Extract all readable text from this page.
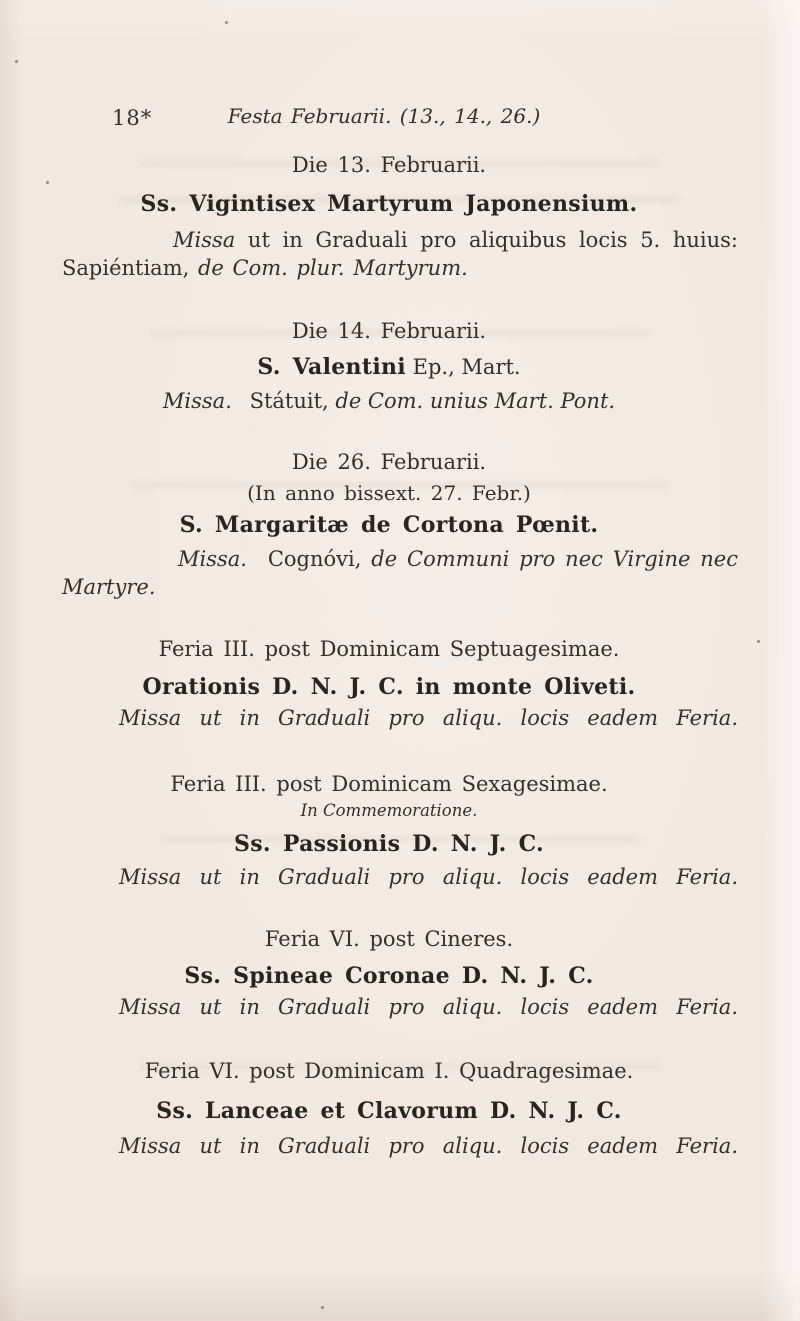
18*	Festa Februarii. (13., 14., 26.)
Die 13. Februarii.
Ss. Vigintisex Martyrum Japonensium.
Missa ut in Graduali pro aliquibus locis 5. huius:
Sapiéntiam, de Com. plur. Martyrum.
Die 14. Februarii.
S. Valentini Ep., Mart.
Missa. Státuit, de Com. unius Mart. Pont.
Die 26. Februarii.
(In anno bissext. 27. Febr.)
S. Margaritæ de Cortona Pœnit.
Missa. Cognóvi, de Communi pro nec Virgine nec
Martyre.
Feria III. post Dominicam Septuagesimae.
Orationis D. N. J. C. in monte Oliveti.
Missa ut in Graduali pro aliqu. locis eadem Feria.
Feria III. post Dominicam Sexagesimae.
In Commemoratione.
Ss. Passionis D. N. J. C.
Missa ut in Graduali pro aliqu. locis eadem Feria.
Feria VI. post Cineres.
Ss. Spineae Coronae D. N. J. C.
Missa ut in Graduali pro aliqu. locis eadem Feria.
Feria VI. post Dominicam I. Quadragesimae.
Ss. Lanceae et Clavorum D. N. J. C.
Missa ut in Graduali pro aliqu. locis eadem Feria.
